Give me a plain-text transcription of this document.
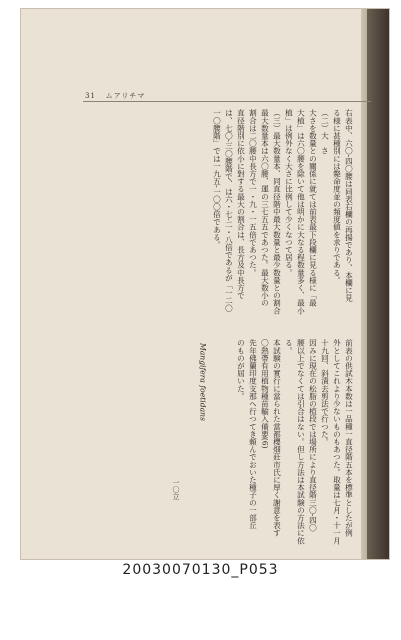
31 ムアリチマ
右表中、六〇‐四〇腰は同表右欄の再揚であり、本欄に見
る様に甚種別には斃命度並の頻度値を求りである。
（二）大　さ
大さを数量との關係に就ては前表最下段欄に見る様に「最
大植」は六〇腰を除いて他は明かに大なる程数量多く、最小
植」は例外なく大さに比例して少くなつて居る。
（三）最大数量本、同直径階中最大数量と最少数量との割合
最大数量本は六〇腰、運の三七五五であつた。最大数小の
割合は二〇腰中長方で一・九・一五倍であつた。
直径階別に依小に對する最大の割合は、長方及中長方で
は、七〇‐三〇腰階で、は六・七‐二・八倍であるが「一二〇
一〇腰階」では一九五‐一〇〇倍である。
前表の供試木本数は一品種一直径階五本を標準としたが例
外としてこれより少ないものもあつた。取量は七月・十一月
十九回、斜漬去剪法で行つた。
因みに現在の松脂の植段では場所により直径階三〇‐四〇
腰以上でなくては引合はない。但し方法は本試験の方法に依
る。
本試験の實行に當られた當都櫻畑莊市氏に厚く謝意を表す
〇熱帶有用植物種苗輸入備要(6)
先年佛蘭印度支那へ行つてき頼んでおいた種子の一部丘
のものが屆いた。
Mangifera foetidans
一〇立
20030070130_P053
